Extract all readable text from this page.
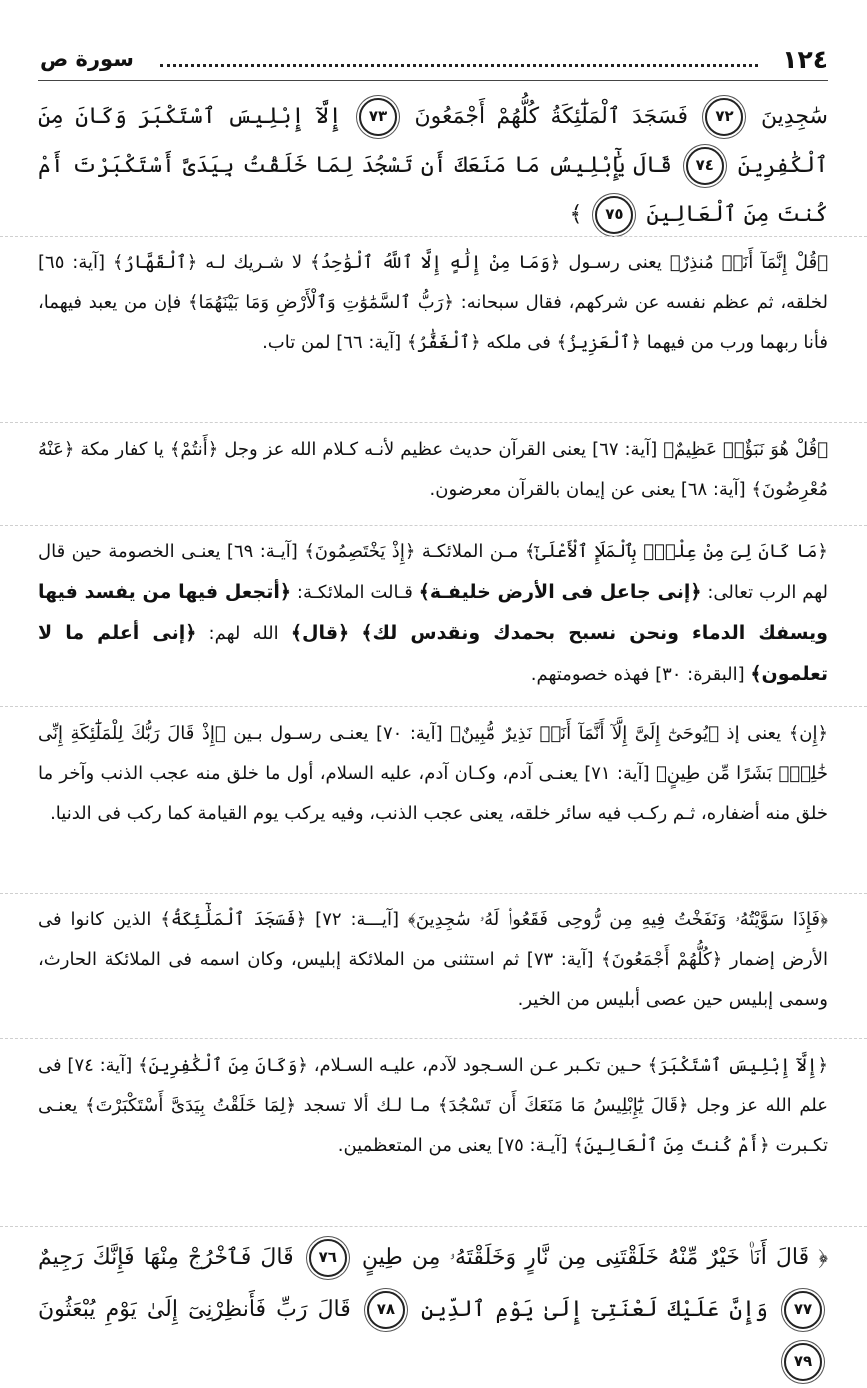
١٢٤
سورة ص
سَٰجِدِينَ ٧٢ فَسَجَدَ ٱلْمَلَٰٓئِكَةُ كُلُّهُمْ أَجْمَعُونَ ٧٣ إِلَّآ إِبْلِيسَ ٱسْتَكْبَرَ وَكَانَ مِنَ ٱلْكَٰفِرِينَ ٧٤ قَالَ يَٰٓإِبْلِيسُ مَا مَنَعَكَ أَن تَسْجُدَ لِمَا خَلَقْتُ بِيَدَىَّ أَسْتَكْبَرْتَ أَمْ كُنتَ مِنَ ٱلْعَالِينَ ٧٥ ﴾
﴿قُلْ إِنَّمَآ أَنَا۠ مُنذِرٌ﴾ يعنى رسـول ﴿وَمَا مِنْ إِلَٰهٍ إِلَّا ٱللَّهُ ٱلْوَٰحِدُ﴾ لا شـريك لـه ﴿ٱلْقَهَّارُ﴾ [آية: ٦٥] لخلقه، ثم عظم نفسه عن شركهم، فقال سبحانه: ﴿رَبُّ ٱلسَّمَٰوَٰتِ وَٱلْأَرْضِ وَمَا بَيْنَهُمَا﴾ فإن من يعبد فيهما، فأنا ربهما ورب من فيهما ﴿ٱلْعَزِيزُ﴾ فى ملكه ﴿ٱلْغَفَّٰرُ﴾ [آية: ٦٦] لمن تاب.
﴿قُلْ هُوَ نَبَؤٌا۟ عَظِيمٌ﴾ [آية: ٦٧] يعنى القرآن حديث عظيم لأنـه كـلام الله عز وجل ﴿أَنتُمْ﴾ يا كفار مكة ﴿عَنْهُ مُعْرِضُونَ﴾ [آية: ٦٨] يعنى عن إيمان بالقرآن معرضون.
﴿مَا كَانَ لِىَ مِنْ عِلْمٍۭ بِٱلْمَلَإِ ٱلْأَعْلَىٰٓ﴾ مـن الملائكـة ﴿إِذْ يَخْتَصِمُونَ﴾ [آيـة: ٦٩] يعنـى الخصومة حين قال لهم الرب تعالى: ﴿إنى جاعل فى الأرض خليفـة﴾ قـالت الملائكـة: ﴿أتجعل فيها من يفسد فيها ويسفك الدماء ونحن نسبح بحمدك ونقدس لك﴾ ﴿قال﴾ الله لهم: ﴿إنى أعلم ما لا تعلمون﴾ [البقرة: ٣٠] فهذه خصومتهم.
﴿إِن﴾ يعنى إذ ﴿يُوحَىٰٓ إِلَىَّ إِلَّآ أَنَّمَآ أَنَا۠ نَذِيرٌ مُّبِينٌ﴾ [آية: ٧٠] يعنـى رسـول بـين ﴿إِذْ قَالَ رَبُّكَ لِلْمَلَٰٓئِكَةِ إِنِّى خَٰلِقٌۢ بَشَرًا مِّن طِينٍ﴾ [آية: ٧١] يعنـى آدم، وكـان آدم، عليه السلام، أول ما خلق منه عجب الذنب وآخر ما خلق منه أضفاره، ثـم ركـب فيه سائر خلقه، يعنى عجب الذنب، وفيه يركب يوم القيامة كما ركب فى الدنيا.
﴿فَإِذَا سَوَّيْتُهُۥ وَنَفَخْتُ فِيهِ مِن رُّوحِى فَقَعُوا۟ لَهُۥ سَٰجِدِينَ﴾ [آيـــة: ٧٢] ﴿فَسَجَدَ ٱلْمَلَٰٓئِكَةُ﴾ الذين كانوا فى الأرض إضمار ﴿كُلُّهُمْ أَجْمَعُونَ﴾ [آية: ٧٣] ثم استثنى من الملائكة إبليس، وكان اسمه فى الملائكة الحارث، وسمى إبليس حين عصى أبليس من الخير.
﴿إِلَّآ إِبْلِيسَ ٱسْتَكْبَرَ﴾ حـين تكـبر عـن السـجود لآدم، عليـه السـلام، ﴿وَكَانَ مِنَ ٱلْكَٰفِرِينَ﴾ [آية: ٧٤] فى علم الله عز وجل ﴿قَالَ يَٰٓإِبْلِيسُ مَا مَنَعَكَ أَن تَسْجُدَ﴾ مـا لـك ألا تسجد ﴿لِمَا خَلَقْتُ بِيَدَىَّ أَسْتَكْبَرْتَ﴾ يعنـى تكـبرت ﴿أَمْ كُنتَ مِنَ ٱلْعَالِينَ﴾ [آيـة: ٧٥] يعنى من المتعظمين.
﴿ قَالَ أَنَا۠ خَيْرٌ مِّنْهُ خَلَقْتَنِى مِن نَّارٍ وَخَلَقْتَهُۥ مِن طِينٍ ٧٦ قَالَ فَٱخْرُجْ مِنْهَا فَإِنَّكَ رَجِيمٌ ٧٧ وَإِنَّ عَلَيْكَ لَعْنَتِىٓ إِلَىٰ يَوْمِ ٱلدِّينِ ٧٨ قَالَ رَبِّ فَأَنظِرْنِىٓ إِلَىٰ يَوْمِ يُبْعَثُونَ ٧٩
